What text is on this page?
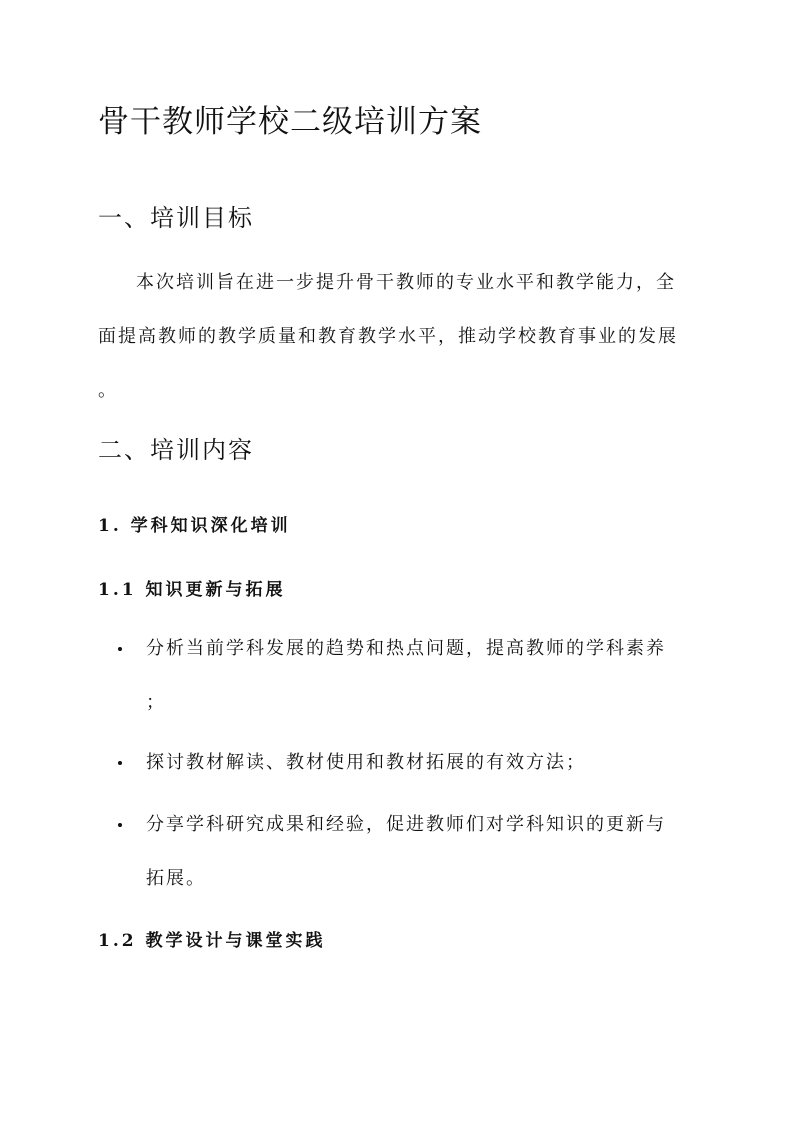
骨干教师学校二级培训方案
一、培训目标
本次培训旨在进一步提升骨干教师的专业水平和教学能力，全
面提高教师的教学质量和教育教学水平，推动学校教育事业的发展
。
二、培训内容
1. 学科知识深化培训
1.1 知识更新与拓展
分析当前学科发展的趋势和热点问题，提高教师的学科素养
；
探讨教材解读、教材使用和教材拓展的有效方法；
分享学科研究成果和经验，促进教师们对学科知识的更新与
拓展。
1.2 教学设计与课堂实践
